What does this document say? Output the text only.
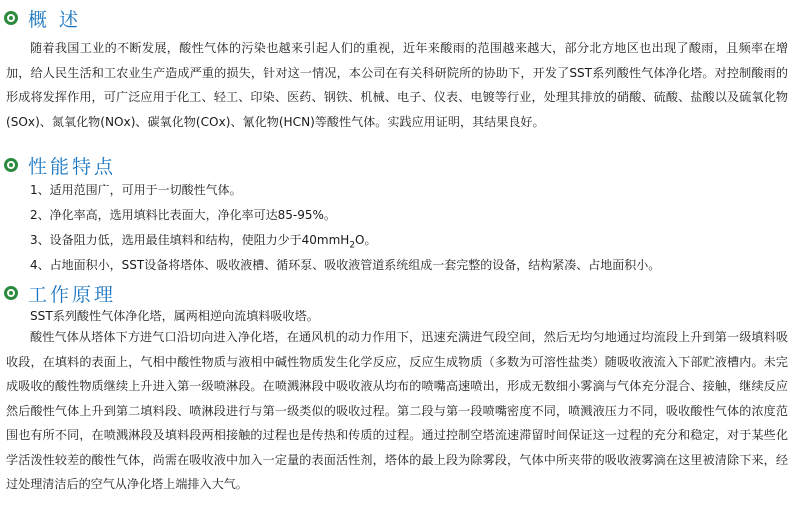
概 述

随着我国工业的不断发展，酸性气体的污染也越来引起人们的重视，近年来酸雨的范围越来越大，部分北方地区也出现了酸雨，且频率在增加，给人民生活和工农业生产造成严重的损失，针对这一情况，本公司在有关科研院所的协助下，开发了SST系列酸性气体净化塔。对控制酸雨的形成将发挥作用，可广泛应用于化工、轻工、印染、医药、钢铁、机械、电子、仪表、电镀等行业，处理其排放的硝酸、硫酸、盐酸以及硫氧化物(SOx)、氮氧化物(NOx)、碳氧化物(COx)、氰化物(HCN)等酸性气体。实践应用证明，其结果良好。

性能特点
1、适用范围广，可用于一切酸性气体。
2、净化率高，选用填料比表面大，净化率可达85-95%。
3、设备阻力低，选用最佳填料和结构，使阻力少于40mmH$_2$O。
4、占地面积小，SST设备将塔体、吸收液槽、循环泵、吸收液管道系统组成一套完整的设备，结构紧凑、占地面积小。
工作原理
SST系列酸性气体净化塔，属两相逆向流填料吸收塔。

酸性气体从塔体下方进气口沿切向进入净化塔，在通风机的动力作用下，迅速充满进气段空间，然后无均匀地通过均流段上升到第一级填料吸收段，在填料的表面上，气相中酸性物质与液相中碱性物质发生化学反应，反应生成物质（多数为可溶性盐类）随吸收液流入下部贮液槽内。未完成吸收的酸性物质继续上升进入第一级喷淋段。在喷溅淋段中吸收液从均布的喷嘴高速喷出，形成无数细小雾滴与气体充分混合、接触，继续反应然后酸性气体上升到第二填料段、喷淋段进行与第一级类似的吸收过程。第二段与第一段喷嘴密度不同，喷溅液压力不同，吸收酸性气体的浓度范围也有所不同，在喷溅淋段及填料段两相接触的过程也是传热和传质的过程。通过控制空塔流速滞留时间保证这一过程的充分和稳定，对于某些化学活泼性较差的酸性气体，尚需在吸收液中加入一定量的表面活性剂，塔体的最上段为除雾段，气体中所夹带的吸收液雾滴在这里被清除下来，经过处理清洁后的空气从净化塔上端排入大气。
